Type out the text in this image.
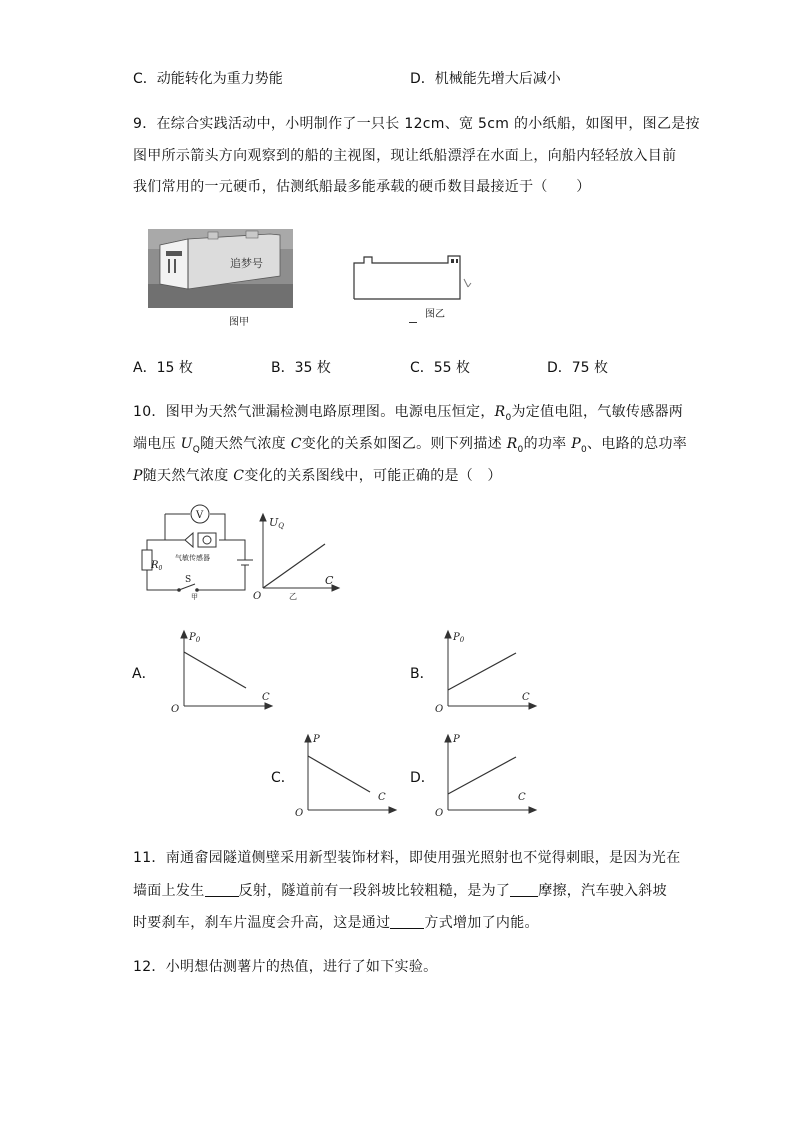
C．动能转化为重力势能	D．机械能先增大后减小
9．在综合实践活动中，小明制作了一只长 12cm、宽 5cm 的小纸船，如图甲，图乙是按
图甲所示箭头方向观察到的船的主视图，现让纸船漂浮在水面上，向船内轻轻放入目前
我们常用的一元硬币，估测纸船最多能承载的硬币数目最接近于（　　）
追梦号
图甲
图乙
A．15 枚	B．35 枚	C．55 枚	D．75 枚
10．图甲为天然气泄漏检测电路原理图。电源电压恒定，$R_0$为定值电阻，气敏传感器两
端电压 $U_Q$随天然气浓度 C变化的关系如图乙。则下列描述 $R_0$的功率 $P_0$、电路的总功率
P随天然气浓度 C变化的关系图线中，可能正确的是（　）
V
气敏传感器
$R_0$
S
甲
UQ
C
O	乙
A．
$P_0$
C
O
B．
$P_0$
C
O
C．
P
C
O
D．
P
C
O
11．南通畲园隧道侧壁采用新型装饰材料，即使用强光照射也不觉得刺眼，是因为光在
墙面上发生 反射，隧道前有一段斜坡比较粗糙，是为了 摩擦，汽车驶入斜坡
时要刹车，刹车片温度会升高，这是通过 方式增加了内能。
12．小明想估测薯片的热值，进行了如下实验。
